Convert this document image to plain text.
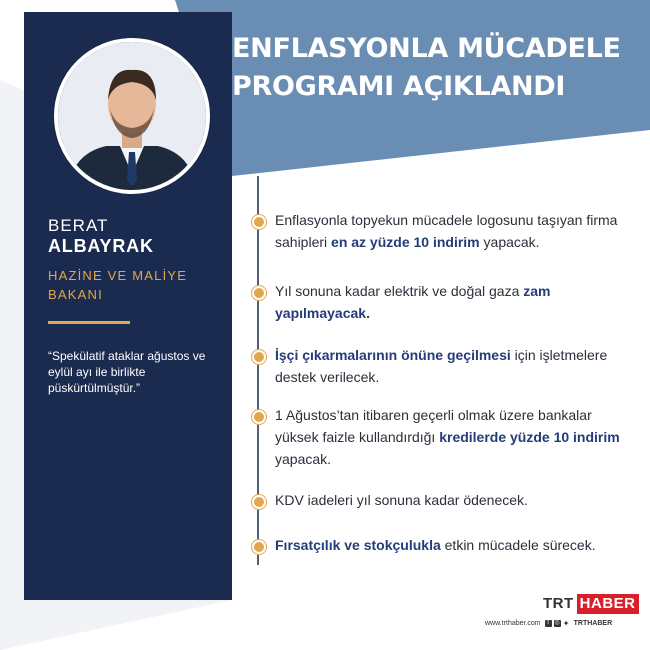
ENFLASYONLA MÜCADELE
PROGRAMI AÇIKLANDI
BERAT
ALBAYRAK
HAZİNE VE MALİYE
BAKANI
“Spekülatif ataklar ağustos ve eylül ayı ile birlikte püskürtülmüştür.”
Enflasyonla topyekun mücadele logosunu taşıyan firma sahipleri en az yüzde 10 indirim yapacak.
Yıl sonuna kadar elektrik ve doğal gaza zam yapılmayacak.
İşçi çıkarmalarının önüne geçilmesi için işletmelere destek verilecek.
1 Ağustos’tan itibaren geçerli olmak üzere bankalar yüksek faizle kullandırdığı kredilerde yüzde 10 indirim yapacak.
KDV iadeleri yıl sonuna kadar ödenecek.
Fırsatçılık ve stokçulukla etkin mücadele sürecek.
TRT HABER
www.trthaber.com	f ◎ ✦ TRTHABER
